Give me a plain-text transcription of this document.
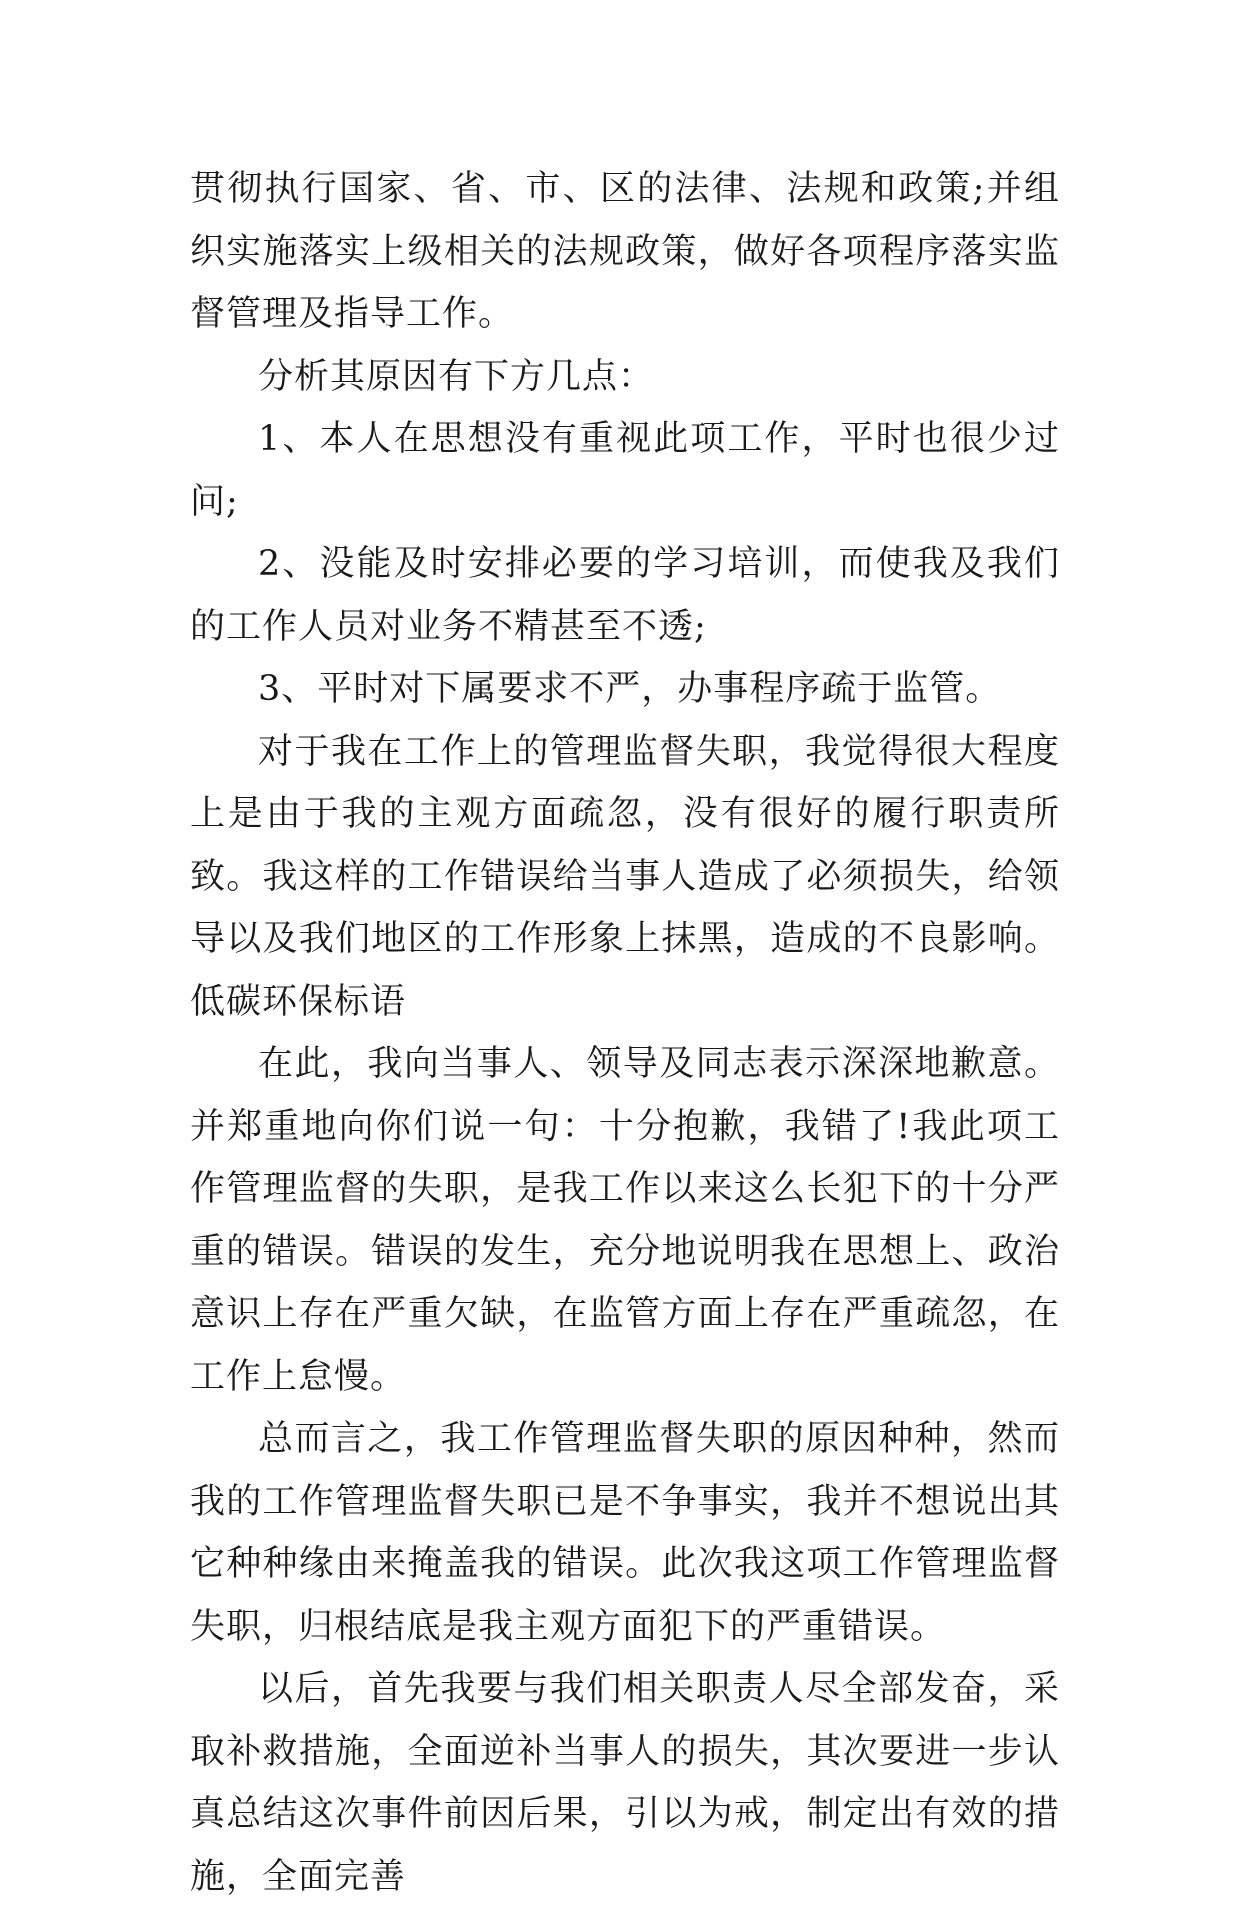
贯彻执行国家、省、市、区的法律、法规和政策;并组织实施落实上级相关的法规政策，做好各项程序落实监督管理及指导工作。

分析其原因有下方几点：

1、本人在思想没有重视此项工作，平时也很少过问;

2、没能及时安排必要的学习培训，而使我及我们的工作人员对业务不精甚至不透;

3、平时对下属要求不严，办事程序疏于监管。

对于我在工作上的管理监督失职，我觉得很大程度上是由于我的主观方面疏忽，没有很好的履行职责所致。我这样的工作错误给当事人造成了必须损失，给领导以及我们地区的工作形象上抹黑，造成的不良影响。低碳环保标语

在此，我向当事人、领导及同志表示深深地歉意。并郑重地向你们说一句：十分抱歉，我错了!我此项工作管理监督的失职，是我工作以来这么长犯下的十分严重的错误。错误的发生，充分地说明我在思想上、政治意识上存在严重欠缺，在监管方面上存在严重疏忽，在工作上怠慢。

总而言之，我工作管理监督失职的原因种种，然而我的工作管理监督失职已是不争事实，我并不想说出其它种种缘由来掩盖我的错误。此次我这项工作管理监督失职，归根结底是我主观方面犯下的严重错误。

以后，首先我要与我们相关职责人尽全部发奋，采取补救措施，全面逆补当事人的损失，其次要进一步认真总结这次事件前因后果，引以为戒，制定出有效的措施，全面完善
